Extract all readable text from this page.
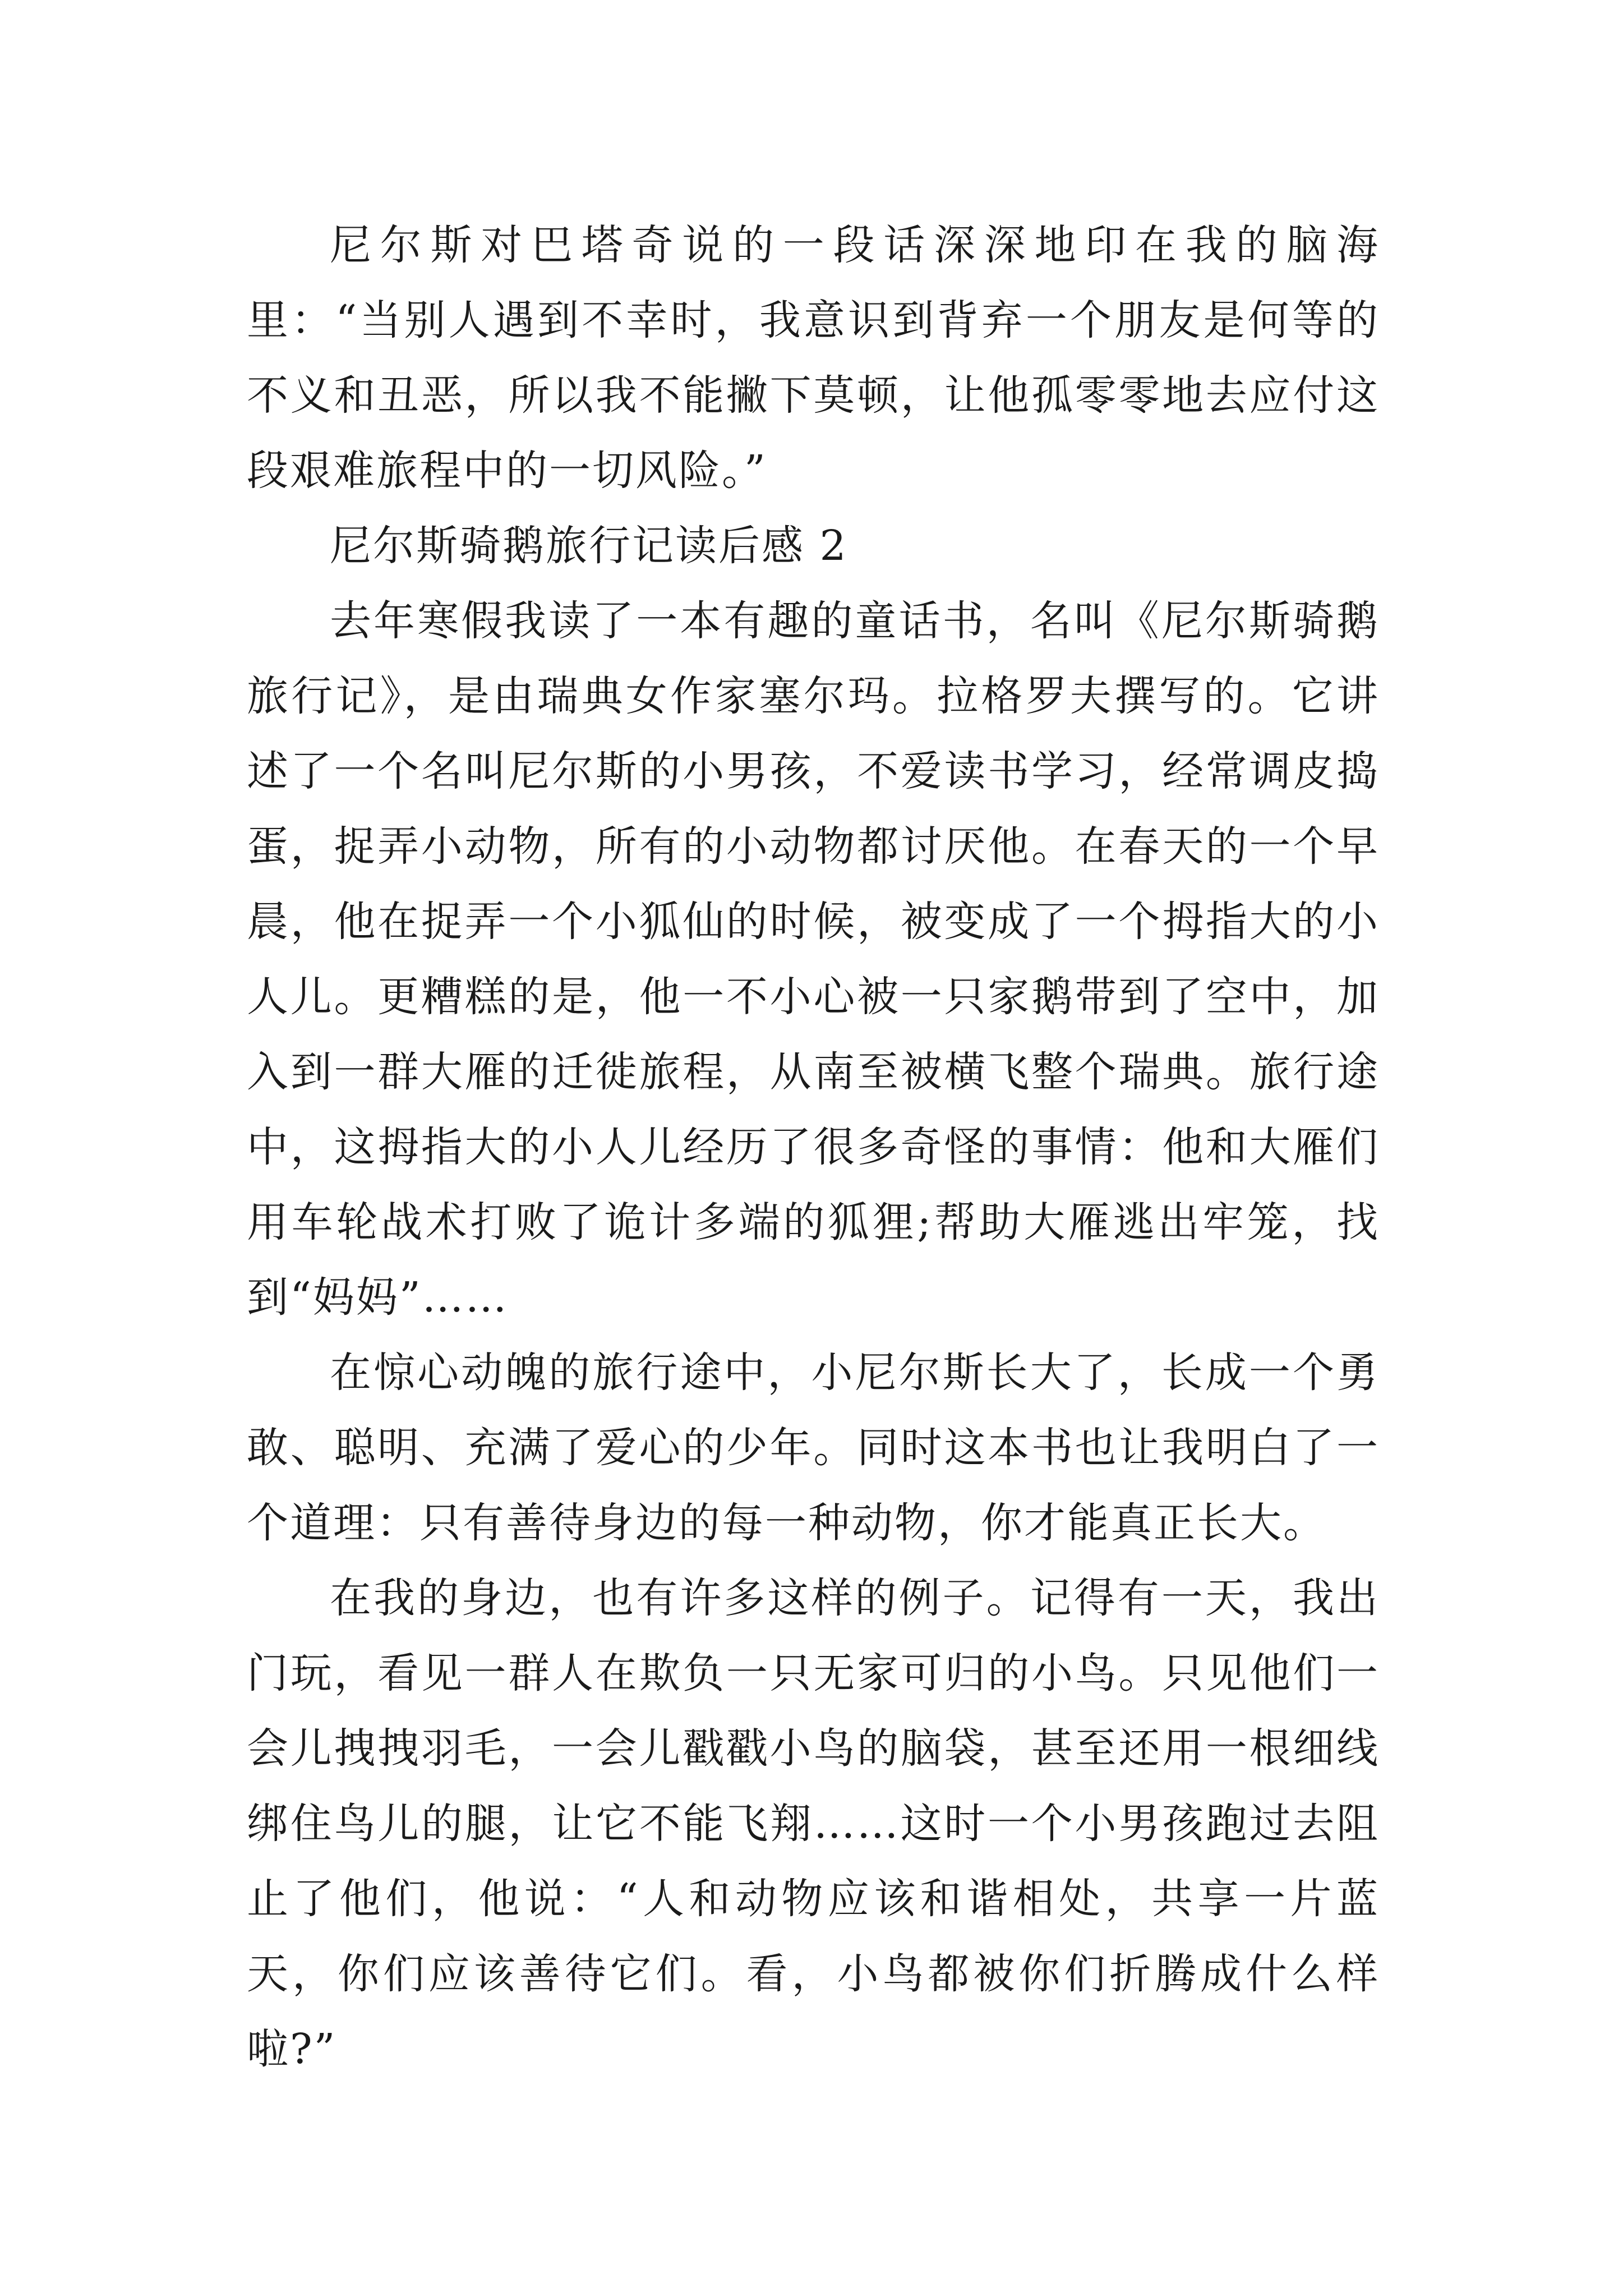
尼尔斯对巴塔奇说的一段话深深地印在我的脑海里：“当别人遇到不幸时，我意识到背弃一个朋友是何等的不义和丑恶，所以我不能撇下莫顿，让他孤零零地去应付这段艰难旅程中的一切风险。”

尼尔斯骑鹅旅行记读后感 2

去年寒假我读了一本有趣的童话书，名叫《尼尔斯骑鹅旅行记》，是由瑞典女作家塞尔玛。拉格罗夫撰写的。它讲述了一个名叫尼尔斯的小男孩，不爱读书学习，经常调皮捣蛋，捉弄小动物，所有的小动物都讨厌他。在春天的一个早晨，他在捉弄一个小狐仙的时候，被变成了一个拇指大的小人儿。更糟糕的是，他一不小心被一只家鹅带到了空中，加入到一群大雁的迁徙旅程，从南至被横飞整个瑞典。旅行途中，这拇指大的小人儿经历了很多奇怪的事情：他和大雁们用车轮战术打败了诡计多端的狐狸;帮助大雁逃出牢笼，找到“妈妈”……

在惊心动魄的旅行途中，小尼尔斯长大了，长成一个勇敢、聪明、充满了爱心的少年。同时这本书也让我明白了一个道理：只有善待身边的每一种动物，你才能真正长大。

在我的身边，也有许多这样的例子。记得有一天，我出门玩，看见一群人在欺负一只无家可归的小鸟。只见他们一会儿拽拽羽毛，一会儿戳戳小鸟的脑袋，甚至还用一根细线绑住鸟儿的腿，让它不能飞翔……这时一个小男孩跑过去阻止了他们，他说：“人和动物应该和谐相处，共享一片蓝天，你们应该善待它们。看，小鸟都被你们折腾成什么样啦?”
